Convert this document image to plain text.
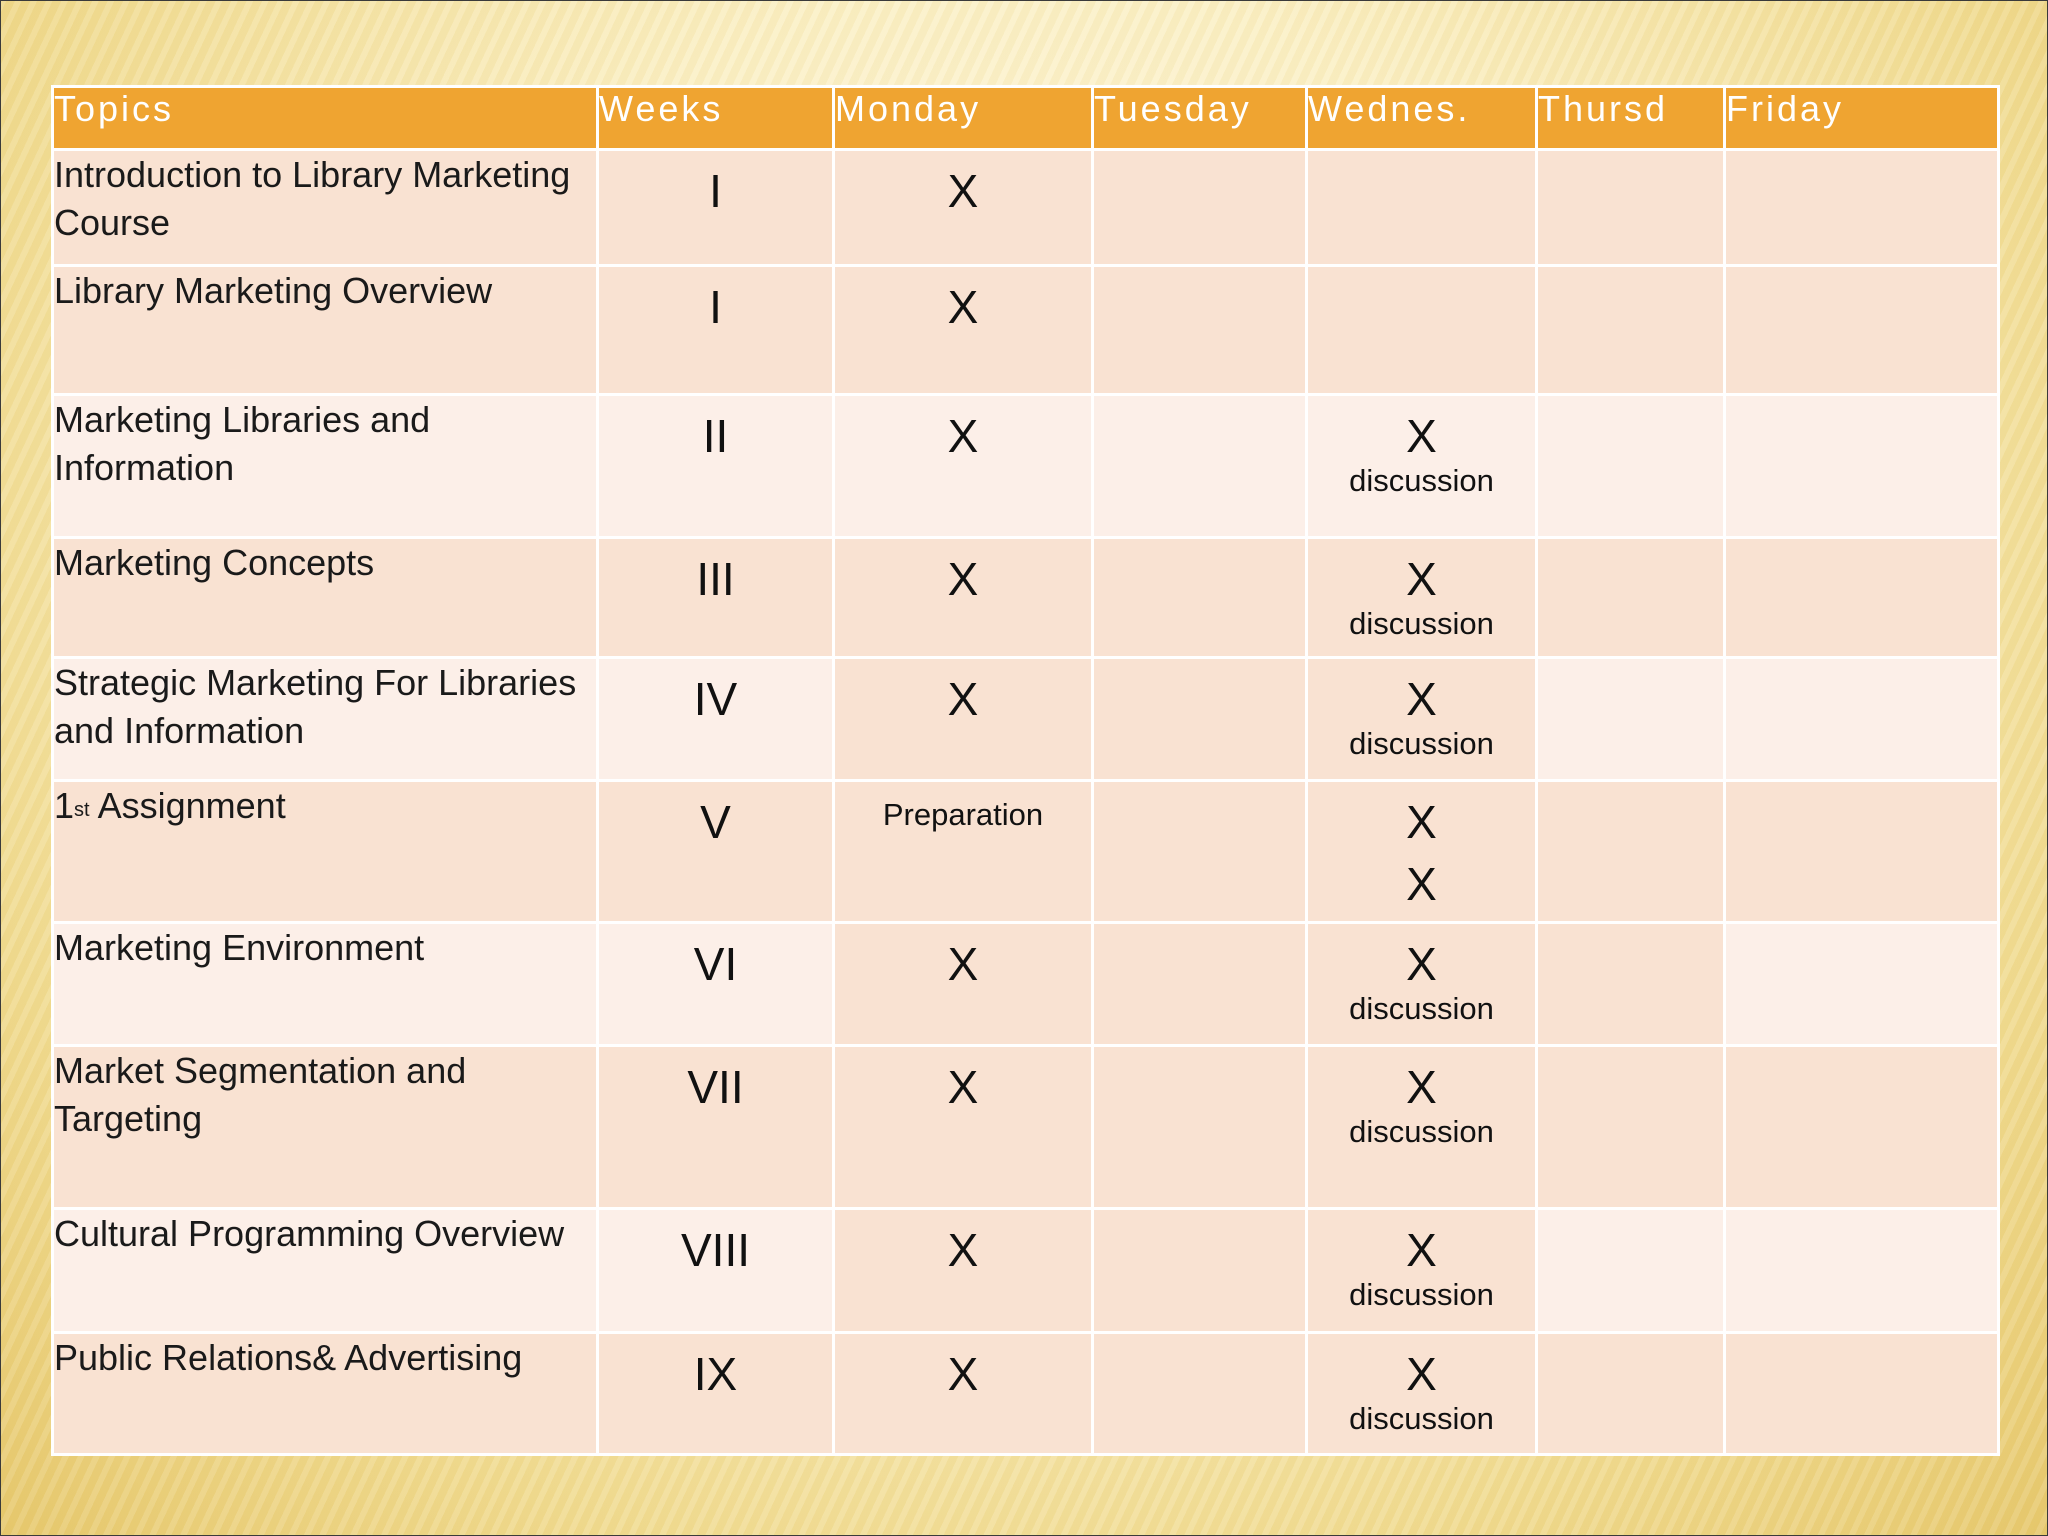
Topics	Weeks	Monday	Tuesday	Wednes.	Thursd	Friday
Introduction to Library Marketing Course	I	X				

Library Marketing Overview	I	X				

Marketing Libraries and Information	II	X		X
discussion		

Marketing Concepts	III	X		X
discussion		

Strategic Marketing For Libraries and Information	IV	X		X
discussion		

1st Assignment	V	Preparation		X
X		

Marketing Environment	VI	X		X
discussion		

Market Segmentation and Targeting	VII	X		X
discussion		

Cultural Programming Overview	VIII	X		X
discussion		

Public Relations& Advertising	IX	X		X
discussion		
